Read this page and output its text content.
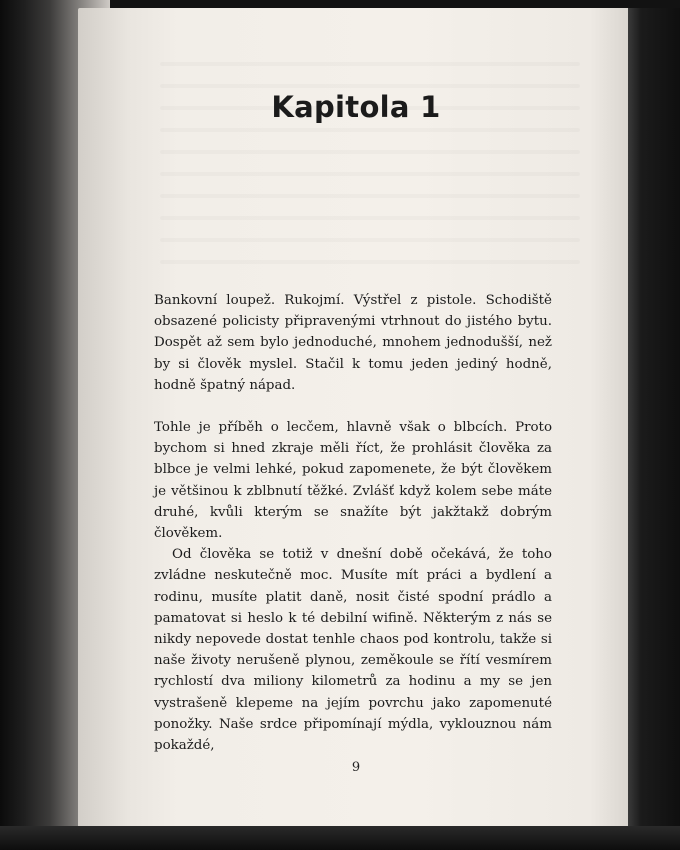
Kapitola 1

Bankovní loupež. Rukojmí. Výstřel z pistole. Schodiště obsazené policisty připravenými vtrhnout do jistého bytu. Dospět až sem bylo jednoduché, mnohem jednodušší, než by si člověk myslel. Stačil k tomu jeden jediný hodně, hodně špatný nápad.

Tohle je příběh o lecčem, hlavně však o blbcích. Proto bychom si hned zkraje měli říct, že prohlásit člověka za blbce je velmi lehké, pokud zapomenete, že být člověkem je většinou k zblbnutí těžké. Zvlášť když kolem sebe máte druhé, kvůli kterým se snažíte být jakžtakž dobrým člověkem.

Od člověka se totiž v dnešní době očekává, že toho zvládne neskutečně moc. Musíte mít práci a bydlení a rodinu, musíte platit daně, nosit čisté spodní prádlo a pamatovat si heslo k té debilní wifině. Některým z nás se nikdy nepovede dostat tenhle chaos pod kontrolu, takže si naše životy nerušeně plynou, zeměkoule se řítí vesmírem rychlostí dva miliony kilometrů za hodinu a my se jen vystrašeně klepeme na jejím povrchu jako zapomenuté ponožky. Naše srdce připomínají mýdla, vyklouznou nám pokaždé,

9
